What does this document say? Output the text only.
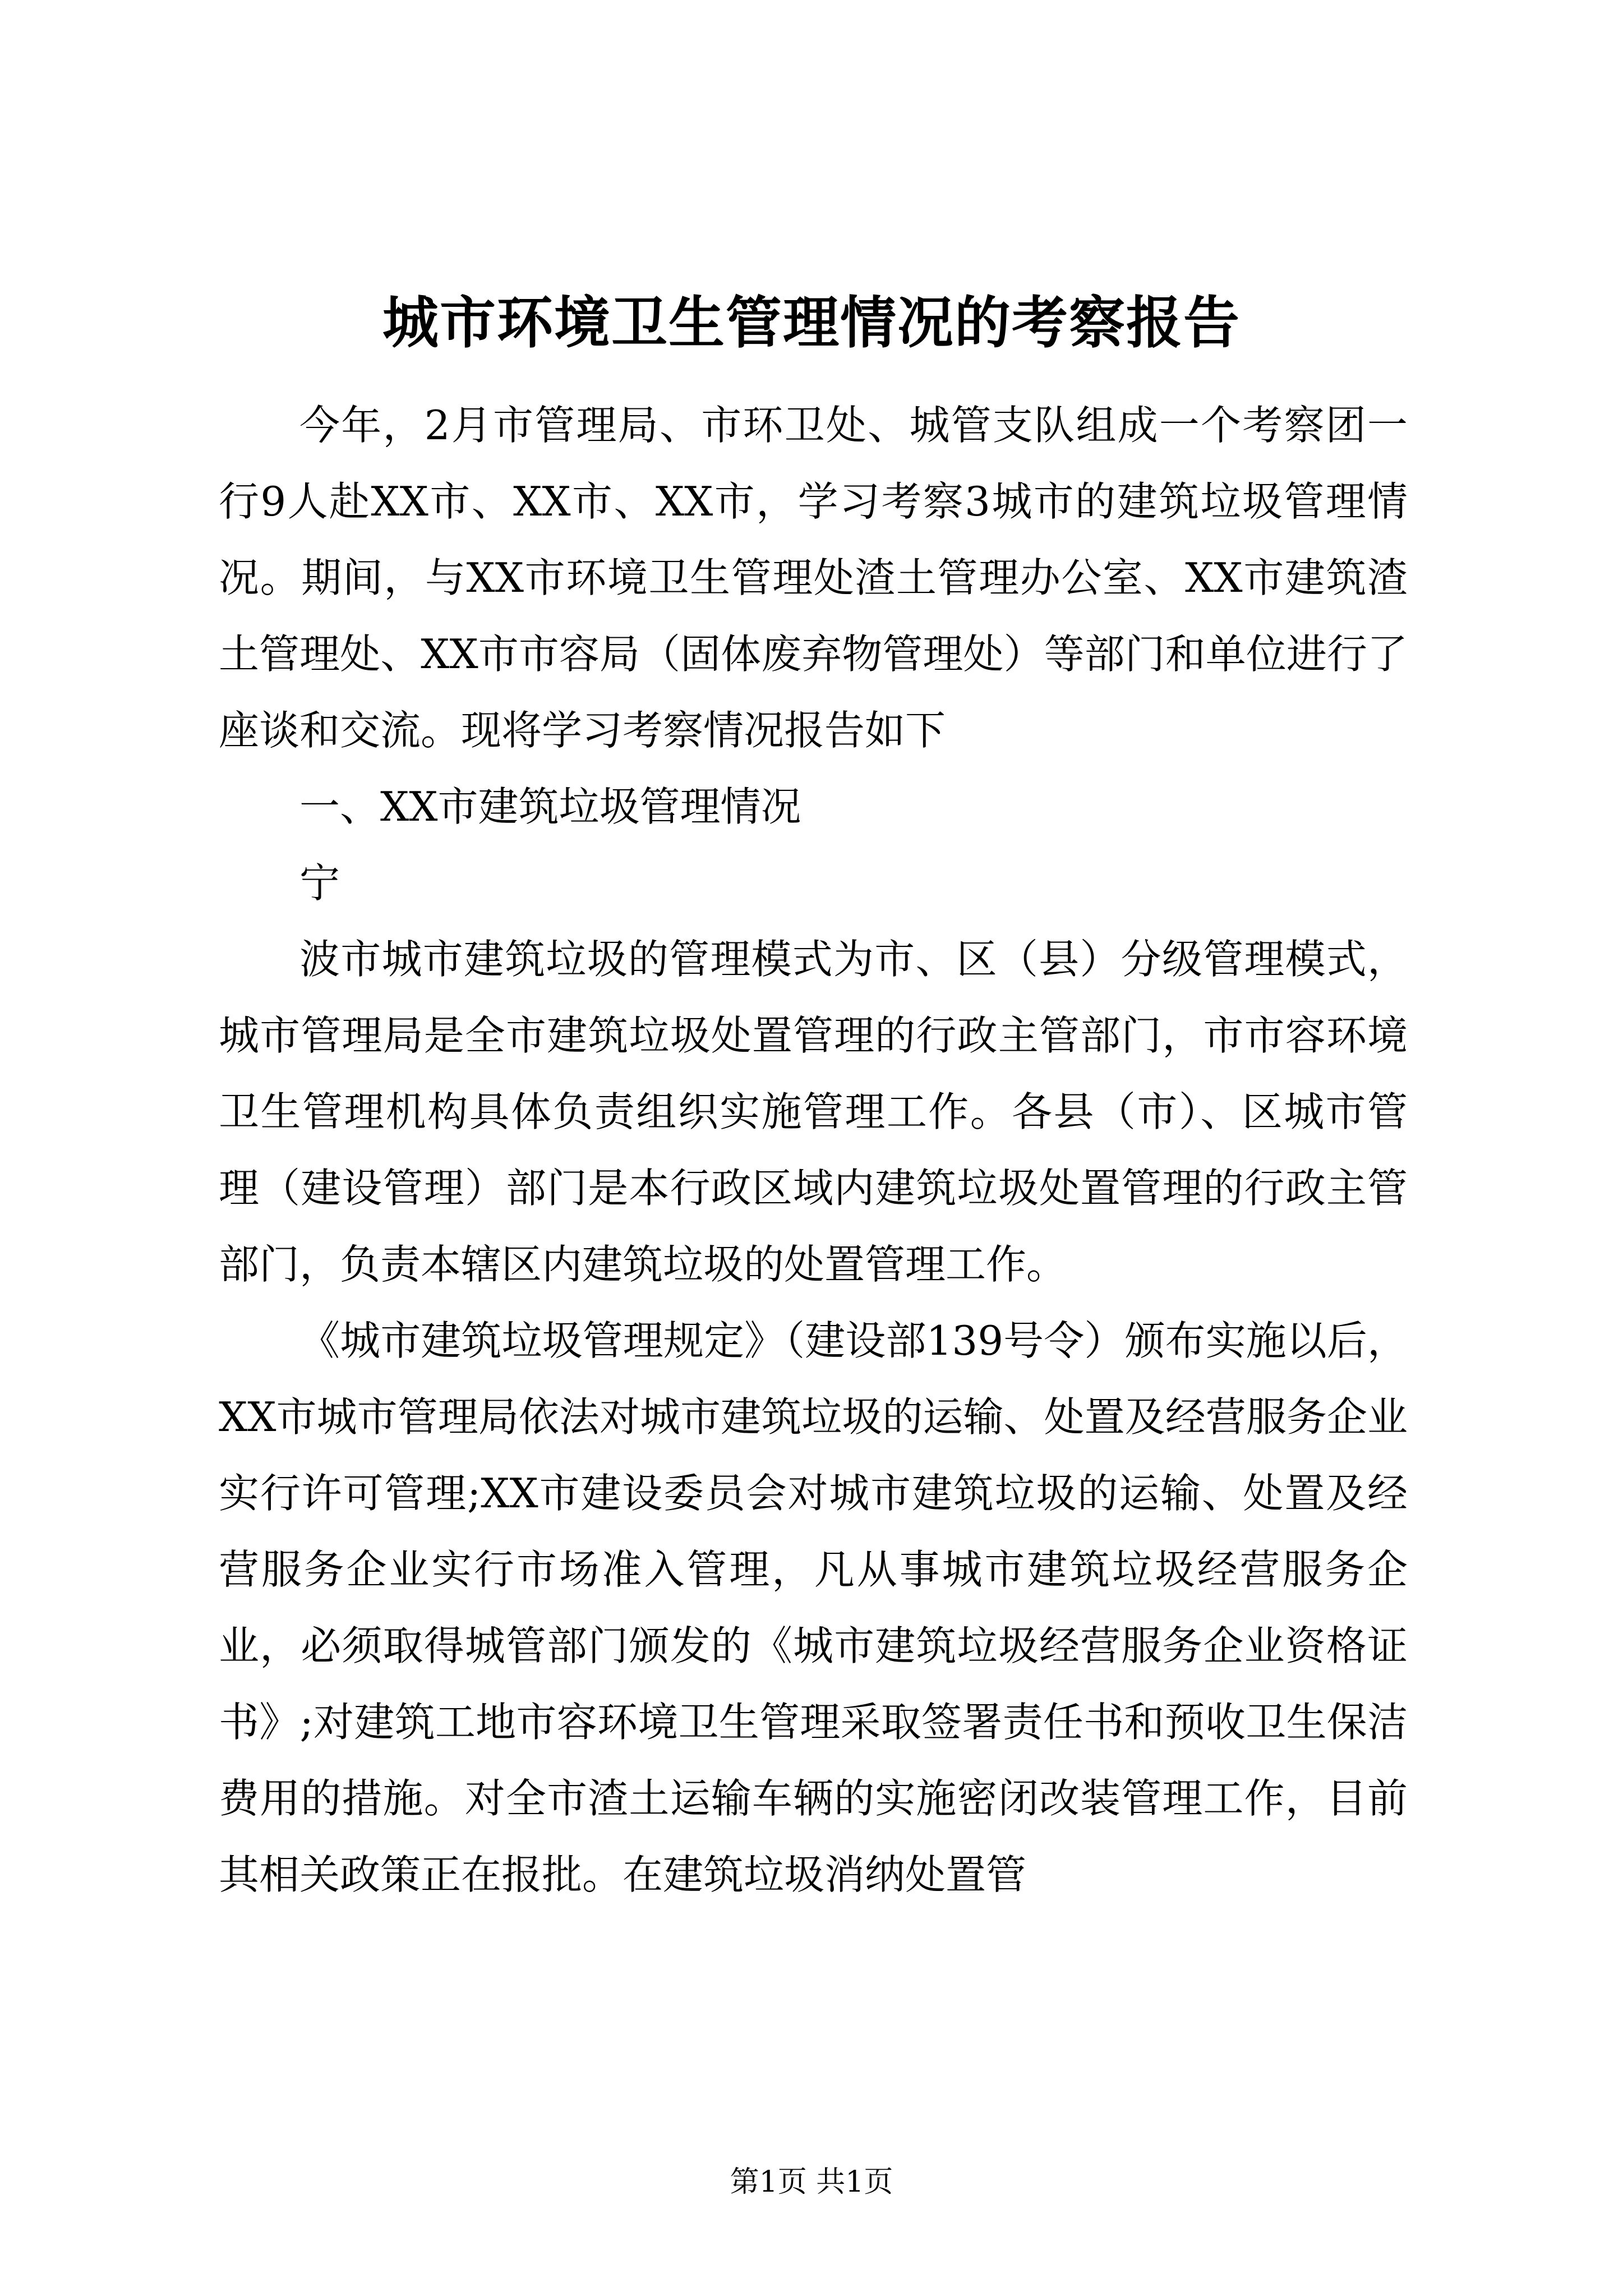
城市环境卫生管理情况的考察报告

今年，2月市管理局、市环卫处、城管支队组成一个考察团一行9人赴XX市、XX市、XX市，学习考察3城市的建筑垃圾管理情况。期间，与XX市环境卫生管理处渣土管理办公室、XX市建筑渣土管理处、XX市市容局（固体废弃物管理处）等部门和单位进行了座谈和交流。现将学习考察情况报告如下

一、XX市建筑垃圾管理情况

宁

波市城市建筑垃圾的管理模式为市、区（县）分级管理模式，城市管理局是全市建筑垃圾处置管理的行政主管部门，市市容环境卫生管理机构具体负责组织实施管理工作。各县（市）、区城市管理（建设管理）部门是本行政区域内建筑垃圾处置管理的行政主管部门，负责本辖区内建筑垃圾的处置管理工作。

《城市建筑垃圾管理规定》（建设部139号令）颁布实施以后，XX市城市管理局依法对城市建筑垃圾的运输、处置及经营服务企业实行许可管理;XX市建设委员会对城市建筑垃圾的运输、处置及经营服务企业实行市场准入管理，凡从事城市建筑垃圾经营服务企业，必须取得城管部门颁发的《城市建筑垃圾经营服务企业资格证书》;对建筑工地市容环境卫生管理采取签署责任书和预收卫生保洁费用的措施。对全市渣土运输车辆的实施密闭改装管理工作，目前其相关政策正在报批。在建筑垃圾消纳处置管

第1页 共1页
